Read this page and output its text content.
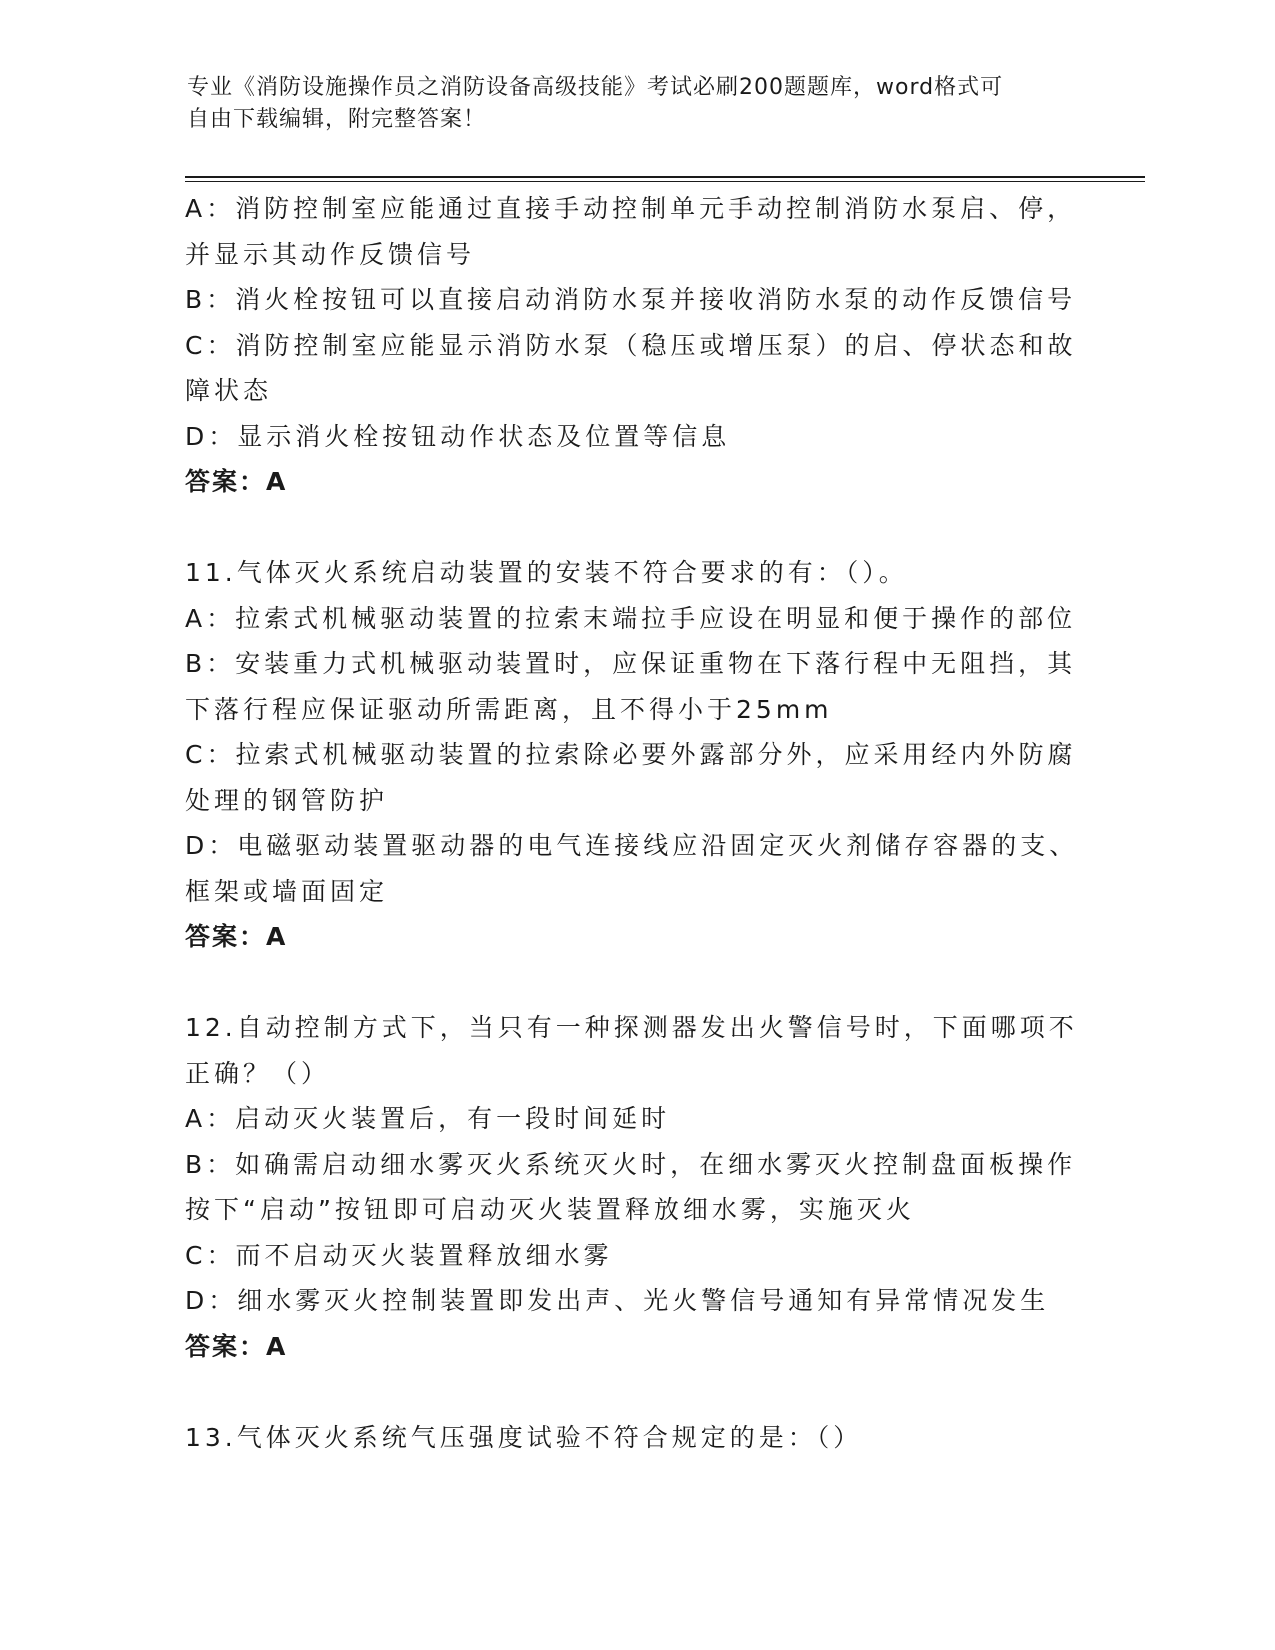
专业《消防设施操作员之消防设备高级技能》考试必刷200题题库，word格式可
自由下载编辑，附完整答案！
A：消防控制室应能通过直接手动控制单元手动控制消防水泵启、停，
并显示其动作反馈信号
B：消火栓按钮可以直接启动消防水泵并接收消防水泵的动作反馈信号
C：消防控制室应能显示消防水泵（稳压或增压泵）的启、停状态和故
障状态
D：显示消火栓按钮动作状态及位置等信息
答案：A
11.气体灭火系统启动装置的安装不符合要求的有：（）。
A：拉索式机械驱动装置的拉索末端拉手应设在明显和便于操作的部位
B：安装重力式机械驱动装置时，应保证重物在下落行程中无阻挡，其
下落行程应保证驱动所需距离，且不得小于25mm
C：拉索式机械驱动装置的拉索除必要外露部分外，应采用经内外防腐
处理的钢管防护
D：电磁驱动装置驱动器的电气连接线应沿固定灭火剂储存容器的支、
框架或墙面固定
答案：A
12.自动控制方式下，当只有一种探测器发出火警信号时，下面哪项不
正确？（）
A：启动灭火装置后，有一段时间延时
B：如确需启动细水雾灭火系统灭火时，在细水雾灭火控制盘面板操作
按下“启动”按钮即可启动灭火装置释放细水雾，实施灭火
C：而不启动灭火装置释放细水雾
D：细水雾灭火控制装置即发出声、光火警信号通知有异常情况发生
答案：A
13.气体灭火系统气压强度试验不符合规定的是：（）
